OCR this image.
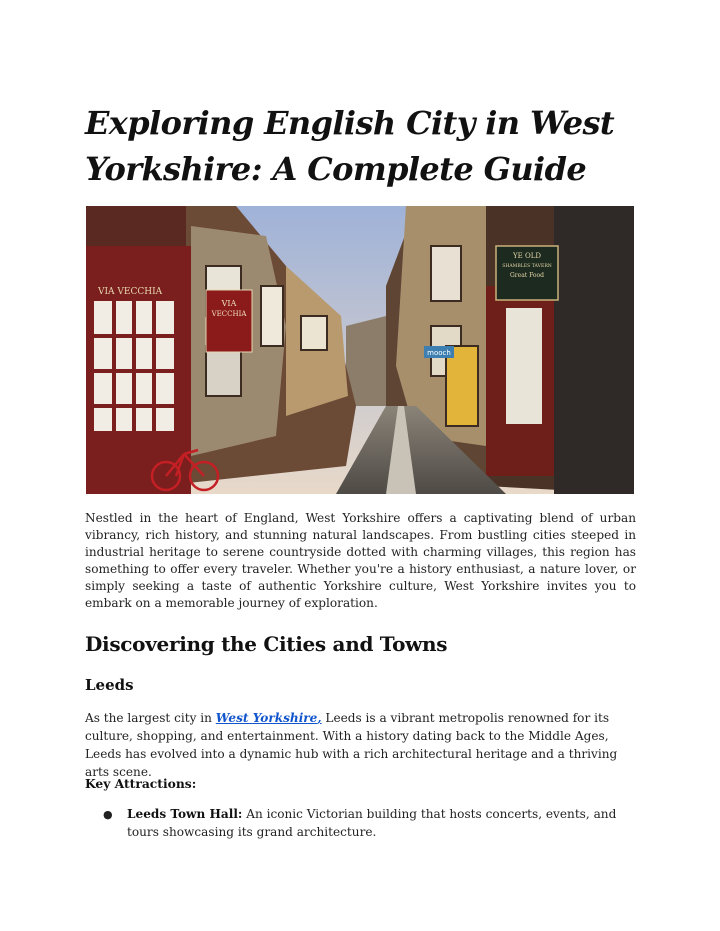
Exploring English City in West Yorkshire: A Complete Guide
VIA VECCHIA
VIA
VECCHIA
YE OLD
SHAMBLES TAVERN
Great Food
mooch

Nestled in the heart of England, West Yorkshire offers a captivating blend of urban vibrancy, rich history, and stunning natural landscapes. From bustling cities steeped in industrial heritage to serene countryside dotted with charming villages, this region has something to offer every traveler. Whether you're a history enthusiast, a nature lover, or simply seeking a taste of authentic Yorkshire culture, West Yorkshire invites you to embark on a memorable journey of exploration.

Discovering the Cities and Towns
Leeds

As the largest city in West Yorkshire, Leeds is a vibrant metropolis renowned for its culture, shopping, and entertainment. With a history dating back to the Middle Ages, Leeds has evolved into a dynamic hub with a rich architectural heritage and a thriving arts scene.

Key Attractions:
● Leeds Town Hall: An iconic Victorian building that hosts concerts, events, and tours showcasing its grand architecture.
